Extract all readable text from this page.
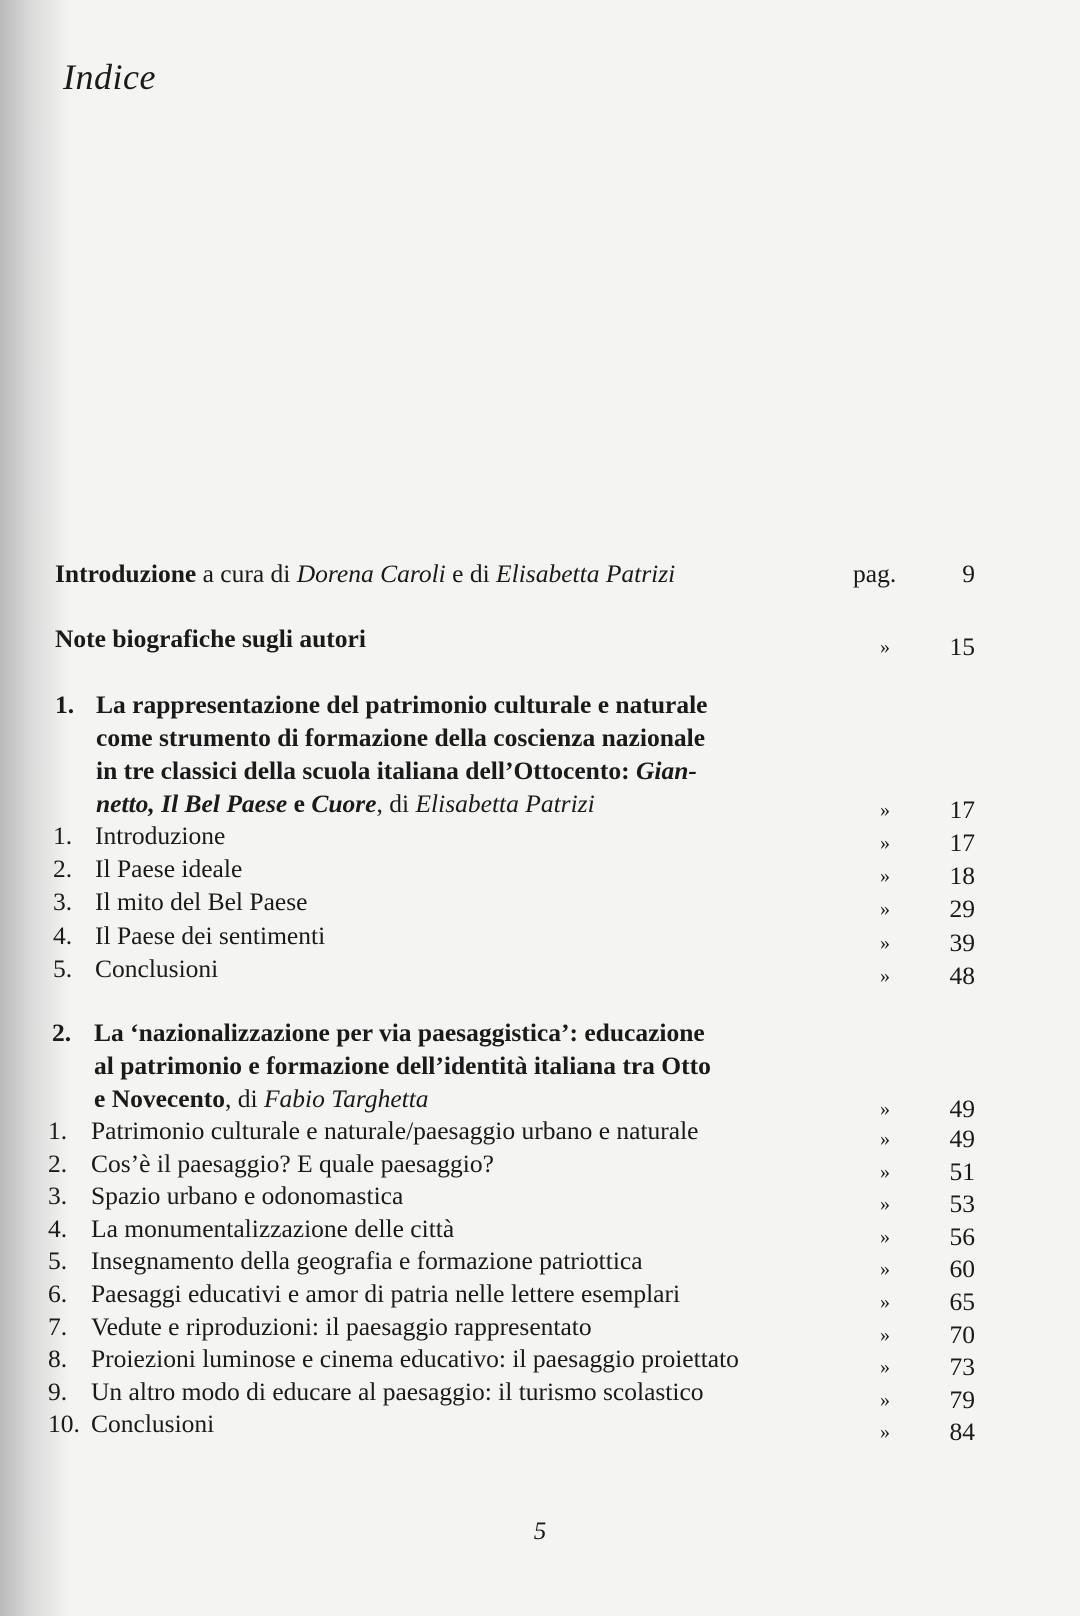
Indice
Introduzione a cura di Dorena Caroli e di Elisabetta Patrizi	pag.	9
Note biografiche sugli autori	»	15
1. La rappresentazione del patrimonio culturale e naturale
come strumento di formazione della coscienza nazionale
in tre classici della scuola italiana dell’Ottocento: Gian-
netto, Il Bel Paese e Cuore, di Elisabetta Patrizi	»	17
1. Introduzione	»	17
2. Il Paese ideale	»	18
3. Il mito del Bel Paese	»	29
4. Il Paese dei sentimenti	»	39
5. Conclusioni	»	48
2. La ‘nazionalizzazione per via paesaggistica’: educazione
al patrimonio e formazione dell’identità italiana tra Otto
e Novecento, di Fabio Targhetta	»	49
1. Patrimonio culturale e naturale/paesaggio urbano e naturale	»	49
2. Cos’è il paesaggio? E quale paesaggio?	»	51
3. Spazio urbano e odonomastica	»	53
4. La monumentalizzazione delle città	»	56
5. Insegnamento della geografia e formazione patriottica	»	60
6. Paesaggi educativi e amor di patria nelle lettere esemplari	»	65
7. Vedute e riproduzioni: il paesaggio rappresentato	»	70
8. Proiezioni luminose e cinema educativo: il paesaggio proiettato	»	73
9. Un altro modo di educare al paesaggio: il turismo scolastico	»	79
10. Conclusioni	»	84
5
